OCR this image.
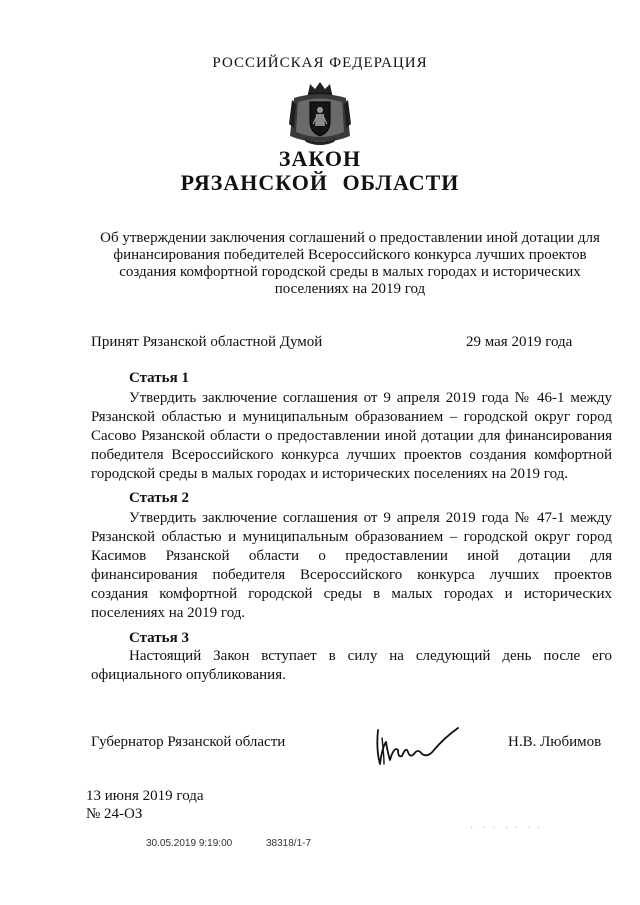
РОССИЙСКАЯ ФЕДЕРАЦИЯ
ЗАКОН
РЯЗАНСКОЙ ОБЛАСТИ
Об утверждении заключения соглашений о предоставлении иной дотации для финансирования победителей Всероссийского конкурса лучших проектов создания комфортной городской среды в малых городах и исторических поселениях на 2019 год
Принят Рязанской областной Думой	29 мая 2019 года
Статья 1

Утвердить заключение соглашения от 9 апреля 2019 года № 46-1 между Рязанской областью и муниципальным образованием – городской округ город Сасово Рязанской области о предоставлении иной дотации для финансирования победителя Всероссийского конкурса лучших проектов создания комфортной городской среды в малых городах и исторических поселениях на 2019 год.

Статья 2

Утвердить заключение соглашения от 9 апреля 2019 года № 47-1 между Рязанской областью и муниципальным образованием – городской округ город Касимов Рязанской области о предоставлении иной дотации для финансирования победителя Всероссийского конкурса лучших проектов создания комфортной городской среды в малых городах и исторических поселениях на 2019 год.

Статья 3

Настоящий Закон вступает в силу на следующий день после его официального опубликования.

Губернатор Рязанской области	Н.В. Любимов
13 июня 2019 года
№ 24-ОЗ
30.05.2019 9:19:00	38318/1-7
.   .  .   .  .   .  .
